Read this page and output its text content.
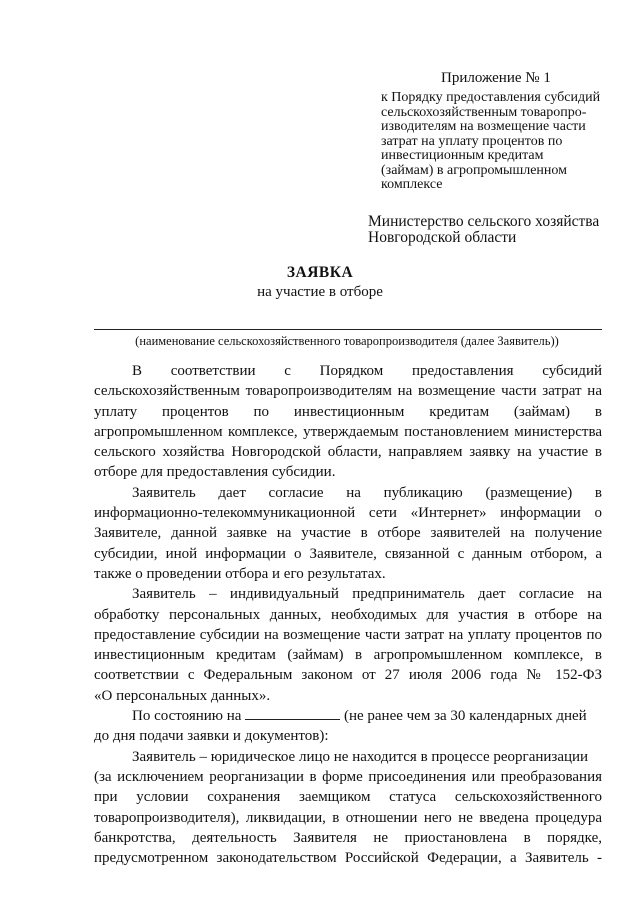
Приложение № 1
к Порядку предоставления субсидий
сельскохозяйственным товаропро-
изводителям на возмещение части
затрат на уплату процентов по
инвестиционным кредитам
(займам) в агропромышленном
комплексе
Министерство сельского хозяйства
Новгородской области
ЗАЯВКА
на участие в отборе
(наименование сельскохозяйственного товаропроизводителя (далее Заявитель))
В соответствии с Порядком предоставления субсидий
сельскохозяйственным товаропроизводителям на возмещение части затрат на
уплату процентов по инвестиционным кредитам (займам) в
агропромышленном комплексе, утверждаемым постановлением министерства
сельского хозяйства Новгородской области, направляем заявку на участие в
отборе для предоставления субсидии.
Заявитель дает согласие на публикацию (размещение) в
информационно-телекоммуникационной сети «Интернет» информации о
Заявителе, данной заявке на участие в отборе заявителей на получение
субсидии, иной информации о Заявителе, связанной с данным отбором, а
также о проведении отбора и его результатах.
Заявитель – индивидуальный предприниматель дает согласие на
обработку персональных данных, необходимых для участия в отборе на
предоставление субсидии на возмещение части затрат на уплату процентов по
инвестиционным кредитам (займам) в агропромышленном комплексе, в
соответствии с Федеральным законом от 27 июля 2006 года № 152-ФЗ
«О персональных данных».
По состоянию на	(не ранее чем за 30 календарных дней
до дня подачи заявки и документов):
Заявитель – юридическое лицо не находится в процессе реорганизации
(за исключением реорганизации в форме присоединения или преобразования
при условии сохранения заемщиком статуса сельскохозяйственного
товаропроизводителя), ликвидации, в отношении него не введена процедура
банкротства, деятельность Заявителя не приостановлена в порядке,
предусмотренном законодательством Российской Федерации, а Заявитель -
